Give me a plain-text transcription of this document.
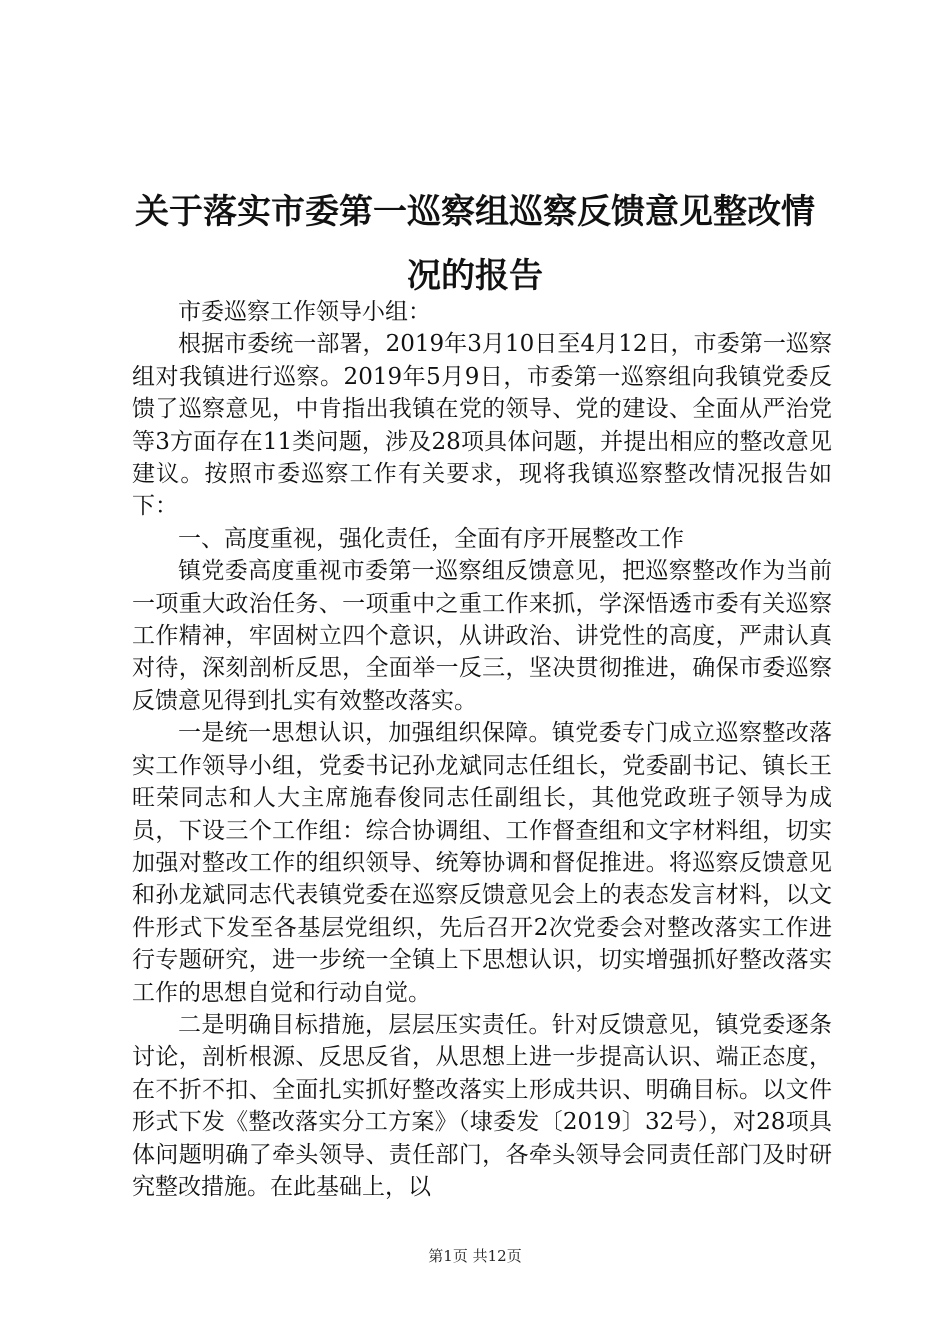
关于落实市委第一巡察组巡察反馈意见整改情
况的报告

市委巡察工作领导小组：

根据市委统一部署，2019年3月10日至4月12日，市委第一巡察组对我镇进行巡察。2019年5月9日，市委第一巡察组向我镇党委反馈了巡察意见，中肯指出我镇在党的领导、党的建设、全面从严治党等3方面存在11类问题，涉及28项具体问题，并提出相应的整改意见建议。按照市委巡察工作有关要求，现将我镇巡察整改情况报告如下：

一、高度重视，强化责任，全面有序开展整改工作

镇党委高度重视市委第一巡察组反馈意见，把巡察整改作为当前一项重大政治任务、一项重中之重工作来抓，学深悟透市委有关巡察工作精神，牢固树立四个意识，从讲政治、讲党性的高度，严肃认真对待，深刻剖析反思，全面举一反三，坚决贯彻推进，确保市委巡察反馈意见得到扎实有效整改落实。

一是统一思想认识，加强组织保障。镇党委专门成立巡察整改落实工作领导小组，党委书记孙龙斌同志任组长，党委副书记、镇长王旺荣同志和人大主席施春俊同志任副组长，其他党政班子领导为成员，下设三个工作组：综合协调组、工作督查组和文字材料组，切实加强对整改工作的组织领导、统筹协调和督促推进。将巡察反馈意见和孙龙斌同志代表镇党委在巡察反馈意见会上的表态发言材料，以文件形式下发至各基层党组织，先后召开2次党委会对整改落实工作进行专题研究，进一步统一全镇上下思想认识，切实增强抓好整改落实工作的思想自觉和行动自觉。

二是明确目标措施，层层压实责任。针对反馈意见，镇党委逐条讨论，剖析根源、反思反省，从思想上进一步提高认识、端正态度，在不折不扣、全面扎实抓好整改落实上形成共识、明确目标。以文件形式下发《整改落实分工方案》（埭委发〔2019〕32号），对28项具体问题明确了牵头领导、责任部门，各牵头领导会同责任部门及时研究整改措施。在此基础上，以

第1页 共12页
